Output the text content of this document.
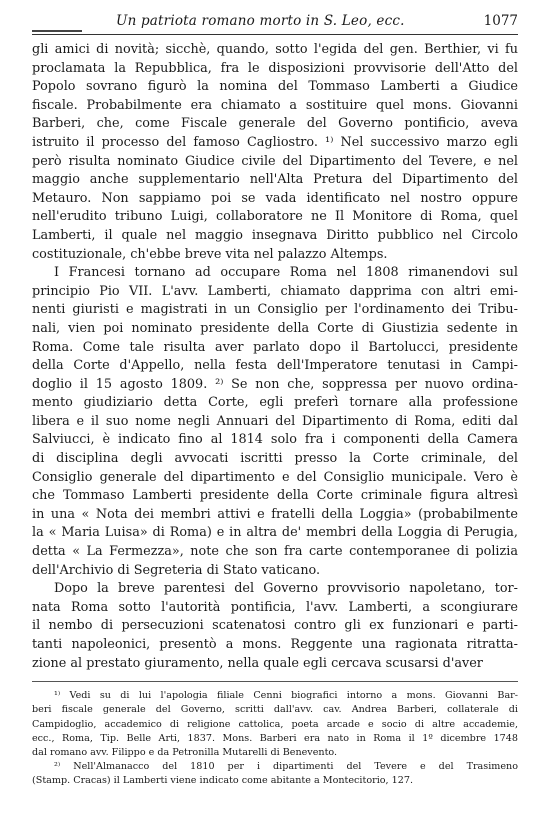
Un patriota romano morto in S. Leo, ecc.	1077
gli amici di novità; sicchè, quando, sotto l'egida del gen. Berthier, vi fu
proclamata la Repubblica, fra le disposizioni provvisorie dell'Atto del
Popolo sovrano figurò la nomina del Tommaso Lamberti a Giudice
fiscale. Probabilmente era chiamato a sostituire quel mons. Giovanni
Barberi, che, come Fiscale generale del Governo pontificio, aveva
istruito il processo del famoso Cagliostro. ¹⁾ Nel successivo marzo egli
però risulta nominato Giudice civile del Dipartimento del Tevere, e nel
maggio anche supplementario nell'Alta Pretura del Dipartimento del
Metauro. Non sappiamo poi se vada identificato nel nostro oppure
nell'erudito tribuno Luigi, collaboratore ne Il Monitore di Roma, quel
Lamberti, il quale nel maggio insegnava Diritto pubblico nel Circolo
costituzionale, ch'ebbe breve vita nel palazzo Altemps.
I Francesi tornano ad occupare Roma nel 1808 rimanendovi sul
principio Pio VII. L'avv. Lamberti, chiamato dapprima con altri emi-
nenti giuristi e magistrati in un Consiglio per l'ordinamento dei Tribu-
nali, vien poi nominato presidente della Corte di Giustizia sedente in
Roma. Come tale risulta aver parlato dopo il Bartolucci, presidente
della Corte d'Appello, nella festa dell'Imperatore tenutasi in Campi-
doglio il 15 agosto 1809. ²⁾ Se non che, soppressa per nuovo ordina-
mento giudiziario detta Corte, egli preferì tornare alla professione
libera e il suo nome negli Annuari del Dipartimento di Roma, editi dal
Salviucci, è indicato fino al 1814 solo fra i componenti della Camera
di disciplina degli avvocati iscritti presso la Corte criminale, del
Consiglio generale del dipartimento e del Consiglio municipale. Vero è
che Tommaso Lamberti presidente della Corte criminale figura altresì
in una « Nota dei membri attivi e fratelli della Loggia» (probabilmente
la « Maria Luisa» di Roma) e in altra de' membri della Loggia di Perugia,
detta « La Fermezza», note che son fra carte contemporanee di polizia
dell'Archivio di Segreteria di Stato vaticano.
Dopo la breve parentesi del Governo provvisorio napoletano, tor-
nata Roma sotto l'autorità pontificia, l'avv. Lamberti, a scongiurare
il nembo di persecuzioni scatenatosi contro gli ex funzionari e parti-
tanti napoleonici, presentò a mons. Reggente una ragionata ritratta-
zione al prestato giuramento, nella quale egli cercava scusarsi d'aver
¹⁾ Vedi su di lui l'apologia filiale Cenni biografici intorno a mons. Giovanni Bar-
beri fiscale generale del Governo, scritti dall'avv. cav. Andrea Barberi, collaterale di
Campidoglio, accademico di religione cattolica, poeta arcade e socio di altre accademie,
ecc., Roma, Tip. Belle Arti, 1837. Mons. Barberi era nato in Roma il 1º dicembre 1748
dal romano avv. Filippo e da Petronilla Mutarelli di Benevento.
²⁾ Nell'Almanacco del 1810 per i dipartimenti del Tevere e del Trasimeno
(Stamp. Cracas) il Lamberti viene indicato come abitante a Montecitorio, 127.
